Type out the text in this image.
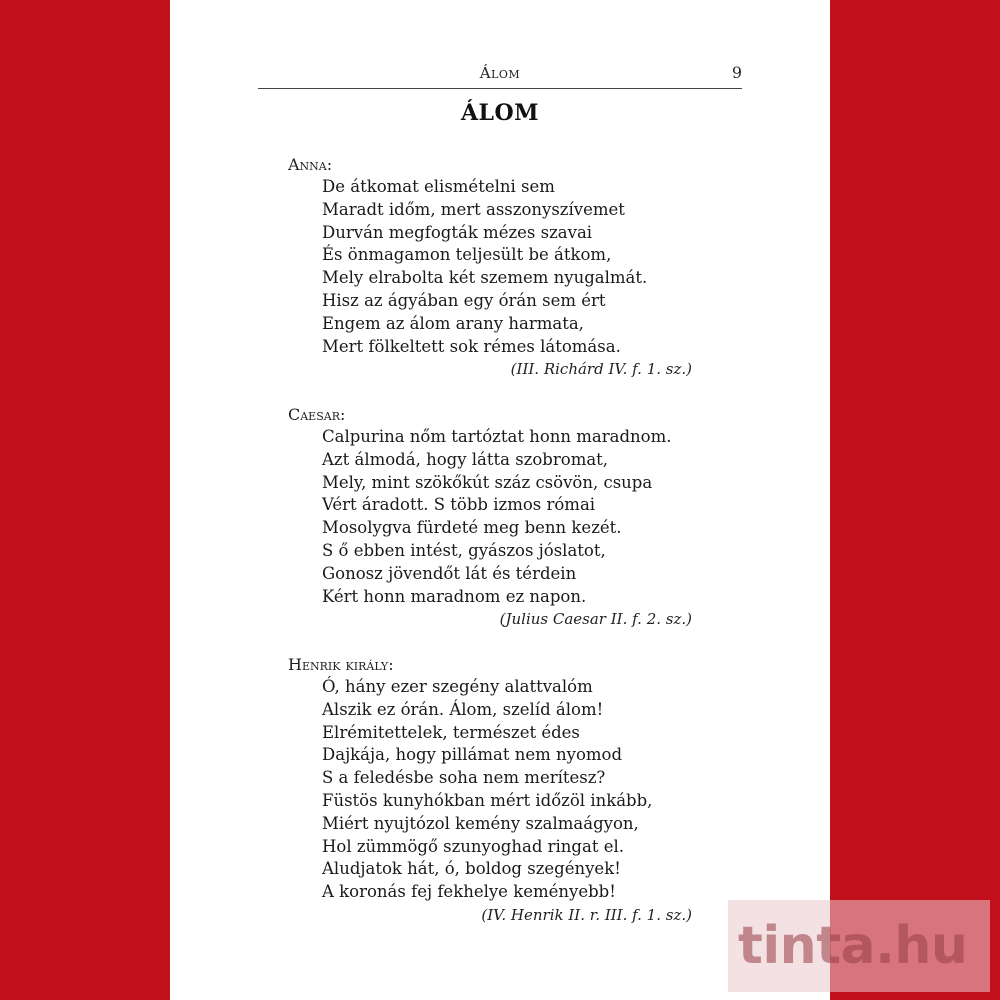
Álom	9
ÁLOM
Anna:
De átkomat elismételni sem
Maradt időm, mert asszonyszívemet
Durván megfogták mézes szavai
És önmagamon teljesült be átkom,
Mely elrabolta két szemem nyugalmát.
Hisz az ágyában egy órán sem ért
Engem az álom arany harmata,
Mert fölkeltett sok rémes látomása.
(III. Richárd IV. f. 1. sz.)
Caesar:
Calpurina nőm tartóztat honn maradnom.
Azt álmodá, hogy látta szobromat,
Mely, mint szökőkút száz csövön, csupa
Vért áradott. S több izmos római
Mosolygva fürdeté meg benn kezét.
S ő ebben intést, gyászos jóslatot,
Gonosz jövendőt lát és térdein
Kért honn maradnom ez napon.
(Julius Caesar II. f. 2. sz.)
Henrik király:
Ó, hány ezer szegény alattvalóm
Alszik ez órán. Álom, szelíd álom!
Elrémitettelek, természet édes
Dajkája, hogy pillámat nem nyomod
S a feledésbe soha nem merítesz?
Füstös kunyhókban mért időzöl inkább,
Miért nyujtózol kemény szalmaágyon,
Hol zümmögő szunyoghad ringat el.
Aludjatok hát, ó, boldog szegények!
A koronás fej fekhelye keményebb!
(IV. Henrik II. r. III. f. 1. sz.)
tinta.hu
